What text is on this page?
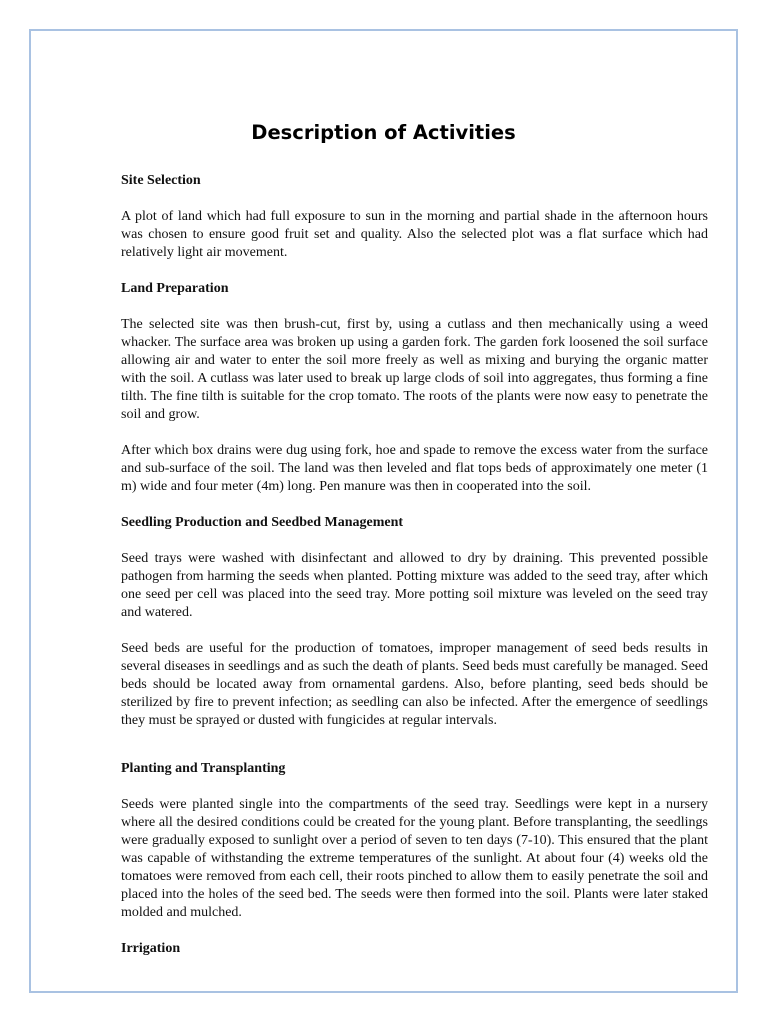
Description of Activities

Site Selection

A plot of land which had full exposure to sun in the morning and partial shade in the afternoon hours was chosen to ensure good fruit set and quality. Also the selected plot was a flat surface which had relatively light air movement.

Land Preparation

The selected site was then brush-cut, first by, using a cutlass and then mechanically using a weed whacker. The surface area was broken up using a garden fork. The garden fork loosened the soil surface allowing air and water to enter the soil more freely as well as mixing and burying the organic matter with the soil. A cutlass was later used to break up large clods of soil into aggregates, thus forming a fine tilth. The fine tilth is suitable for the crop tomato. The roots of the plants were now easy to penetrate the soil and grow.

After which box drains were dug using fork, hoe and spade to remove the excess water from the surface and sub-surface of the soil. The land was then leveled and flat tops beds of approximately one meter (1 m) wide and four meter (4m) long. Pen manure was then in cooperated into the soil.

Seedling Production and Seedbed Management

Seed trays were washed with disinfectant and allowed to dry by draining. This prevented possible pathogen from harming the seeds when planted. Potting mixture was added to the seed tray, after which one seed per cell was placed into the seed tray. More potting soil mixture was leveled on the seed tray and watered.

Seed beds are useful for the production of tomatoes, improper management of seed beds results in several diseases in seedlings and as such the death of plants. Seed beds must carefully be managed. Seed beds should be located away from ornamental gardens. Also, before planting, seed beds should be sterilized by fire to prevent infection; as seedling can also be infected. After the emergence of seedlings they must be sprayed or dusted with fungicides at regular intervals.

Planting and Transplanting

Seeds were planted single into the compartments of the seed tray. Seedlings were kept in a nursery where all the desired conditions could be created for the young plant. Before transplanting, the seedlings were gradually exposed to sunlight over a period of seven to ten days (7-10). This ensured that the plant was capable of withstanding the extreme temperatures of the sunlight. At about four (4) weeks old the tomatoes were removed from each cell, their roots pinched to allow them to easily penetrate the soil and placed into the holes of the seed bed. The seeds were then formed into the soil. Plants were later staked molded and mulched.

Irrigation
